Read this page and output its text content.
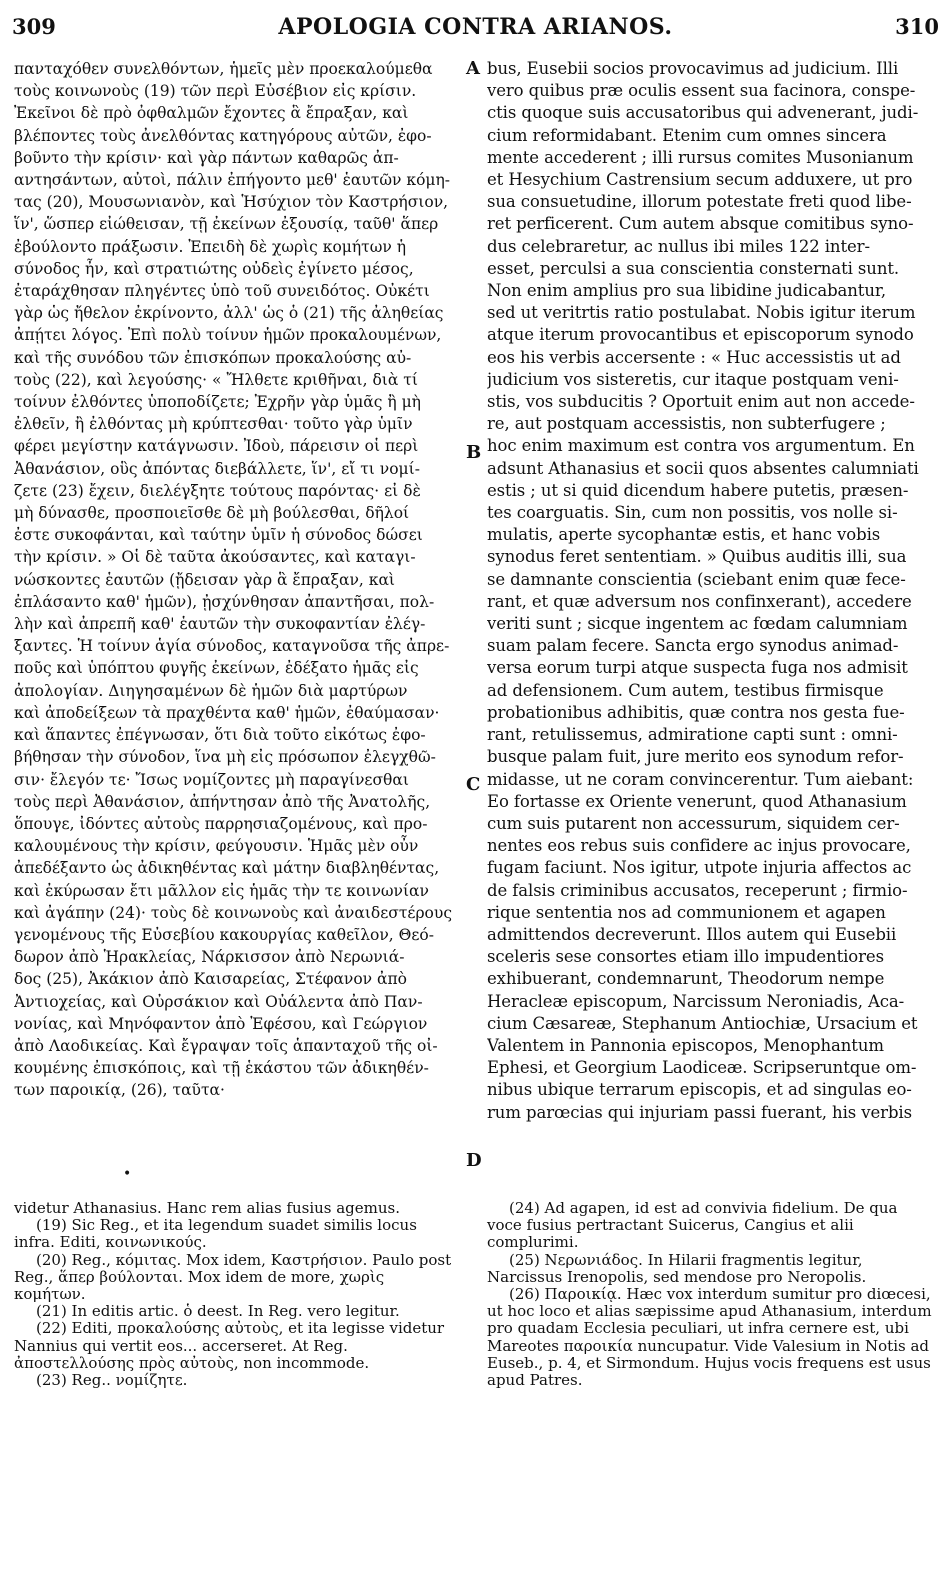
309	APOLOGIA CONTRA ARIANOS.	310
πανταχόθεν συνελθόντων, ἡμεῖς μὲν προεκαλούμεθα
τοὺς κοινωνοὺς (19) τῶν περὶ Εὐσέβιον εἰς κρίσιν.
Ἐκεῖνοι δὲ πρὸ ὀφθαλμῶν ἔχοντες ἃ ἔπραξαν, καὶ
βλέποντες τοὺς ἀνελθόντας κατηγόρους αὐτῶν, ἐφο-
βοῦντο τὴν κρίσιν· καὶ γὰρ πάντων καθαρῶς ἀπ-
αντησάντων, αὐτοὶ, πάλιν ἐπήγοντο μεθ' ἑαυτῶν κόμη-
τας (20), Μουσωνιανὸν, καὶ Ἡσύχιον τὸν Καστρήσιον,
ἵν', ὥσπερ εἰώθεισαν, τῇ ἐκείνων ἐξουσίᾳ, ταῦθ' ἅπερ
ἐβούλοντο πράξωσιν. Ἐπειδὴ δὲ χωρὶς κομήτων ἡ
σύνοδος ἦν, καὶ στρατιώτης οὐδεὶς ἐγίνετο μέσος,
ἐταράχθησαν πληγέντες ὑπὸ τοῦ συνειδότος. Οὐκέτι
γὰρ ὡς ἤθελον ἐκρίνοντο, ἀλλ' ὡς ὁ (21) τῆς ἀληθείας
ἀπῄτει λόγος. Ἐπὶ πολὺ τοίνυν ἡμῶν προκαλουμένων,
καὶ τῆς συνόδου τῶν ἐπισκόπων προκαλούσης αὐ-
τοὺς (22), καὶ λεγούσης· « Ἤλθετε κριθῆναι, διὰ τί
τοίνυν ἐλθόντες ὑποποδίζετε; Ἐχρῆν γὰρ ὑμᾶς ἢ μὴ
ἐλθεῖν, ἢ ἐλθόντας μὴ κρύπτεσθαι· τοῦτο γὰρ ὑμῖν
φέρει μεγίστην κατάγνωσιν. Ἰδοὺ, πάρεισιν οἱ περὶ
Ἀθανάσιον, οὓς ἀπόντας διεβάλλετε, ἵν', εἴ τι νομί-
ζετε (23) ἔχειν, διελέγξητε τούτους παρόντας· εἰ δὲ
μὴ δύνασθε, προσποιεῖσθε δὲ μὴ βούλεσθαι, δῆλοί
ἐστε συκοφάνται, καὶ ταύτην ὑμῖν ἡ σύνοδος δώσει
τὴν κρίσιν. » Οἱ δὲ ταῦτα ἀκούσαντες, καὶ καταγι-
νώσκοντες ἑαυτῶν (ᾔδεισαν γὰρ ἃ ἔπραξαν, καὶ
ἐπλάσαντο καθ' ἡμῶν), ᾐσχύνθησαν ἀπαντῆσαι, πολ-
λὴν καὶ ἀπρεπῆ καθ' ἑαυτῶν τὴν συκοφαντίαν ἐλέγ-
ξαντες. Ἡ τοίνυν ἁγία σύνοδος, καταγνοῦσα τῆς ἀπρε-
ποῦς καὶ ὑπόπτου φυγῆς ἐκείνων, ἐδέξατο ἡμᾶς εἰς
ἀπολογίαν. Διηγησαμένων δὲ ἡμῶν διὰ μαρτύρων
καὶ ἀποδείξεων τὰ πραχθέντα καθ' ἡμῶν, ἐθαύμασαν·
καὶ ἅπαντες ἐπέγνωσαν, ὅτι διὰ τοῦτο εἰκότως ἐφο-
βήθησαν τὴν σύνοδον, ἵνα μὴ εἰς πρόσωπον ἐλεγχθῶ-
σιν· ἔλεγόν τε· Ἴσως νομίζοντες μὴ παραγίνεσθαι
τοὺς περὶ Ἀθανάσιον, ἀπήντησαν ἀπὸ τῆς Ἀνατολῆς,
ὅπουγε, ἰδόντες αὐτοὺς παρρησιαζομένους, καὶ προ-
καλουμένους τὴν κρίσιν, φεύγουσιν. Ἡμᾶς μὲν οὖν
ἀπεδέξαντο ὡς ἀδικηθέντας καὶ μάτην διαβληθέντας,
καὶ ἐκύρωσαν ἔτι μᾶλλον εἰς ἡμᾶς τὴν τε κοινωνίαν
καὶ ἀγάπην (24)· τοὺς δὲ κοινωνοὺς καὶ ἀναιδεστέρους
γενομένους τῆς Εὐσεβίου κακουργίας καθεῖλον, Θεό-
δωρον ἀπὸ Ἡρακλείας, Νάρκισσον ἀπὸ Νερωνιά-
δος (25), Ἀκάκιον ἀπὸ Καισαρείας, Στέφανον ἀπὸ
Ἀντιοχείας, καὶ Οὐρσάκιον καὶ Οὐάλεντα ἀπὸ Παν-
νονίας, καὶ Μηνόφαντον ἀπὸ Ἐφέσου, καὶ Γεώργιον
ἀπὸ Λαοδικείας. Καὶ ἔγραψαν τοῖς ἁπανταχοῦ τῆς οἰ-
κουμένης ἐπισκόποις, καὶ τῇ ἑκάστου τῶν ἀδικηθέν-
των παροικίᾳ, (26), ταῦτα·
bus, Eusebii socios provocavimus ad judicium. Illi
vero quibus præ oculis essent sua facinora, conspe-
ctis quoque suis accusatoribus qui advenerant, judi-
cium reformidabant. Etenim cum omnes sincera
mente accederent ; illi rursus comites Musonianum
et Hesychium Castrensium secum adduxere, ut pro
sua consuetudine, illorum potestate freti quod libe-
ret perficerent. Cum autem absque comitibus syno-
dus celebraretur, ac nullus ibi miles 122 inter-
esset, perculsi a sua conscientia consternati sunt.
Non enim amplius pro sua libidine judicabantur,
sed ut veritrtis ratio postulabat. Nobis igitur iterum
atque iterum provocantibus et episcoporum synodo
eos his verbis accersente : « Huc accessistis ut ad
judicium vos sisteretis, cur itaque postquam veni-
stis, vos subducitis ? Oportuit enim aut non accede-
re, aut postquam accessistis, non subterfugere ;
hoc enim maximum est contra vos argumentum. En
adsunt Athanasius et socii quos absentes calumniati
estis ; ut si quid dicendum habere putetis, præsen-
tes coarguatis. Sin, cum non possitis, vos nolle si-
mulatis, aperte sycophantæ estis, et hanc vobis
synodus feret sententiam. » Quibus auditis illi, sua
se damnante conscientia (sciebant enim quæ fece-
rant, et quæ adversum nos confinxerant), accedere
veriti sunt ; sicque ingentem ac fœdam calumniam
suam palam fecere. Sancta ergo synodus animad-
versa eorum turpi atque suspecta fuga nos admisit
ad defensionem. Cum autem, testibus firmisque
probationibus adhibitis, quæ contra nos gesta fue-
rant, retulissemus, admiratione capti sunt : omni-
busque palam fuit, jure merito eos synodum refor-
midasse, ut ne coram convincerentur. Tum aiebant:
Eo fortasse ex Oriente venerunt, quod Athanasium
cum suis putarent non accessurum, siquidem cer-
nentes eos rebus suis confidere ac injus provocare,
fugam faciunt. Nos igitur, utpote injuria affectos ac
de falsis criminibus accusatos, receperunt ; firmio-
rique sententia nos ad communionem et agapen
admittendos decreverunt. Illos autem qui Eusebii
sceleris sese consortes etiam illo impudentiores
exhibuerant, condemnarunt, Theodorum nempe
Heracleæ episcopum, Narcissum Neroniadis, Aca-
cium Cæsareæ, Stephanum Antiochiæ, Ursacium et
Valentem in Pannonia episcopos, Menophantum
Ephesi, et Georgium Laodiceæ. Scripseruntque om-
nibus ubique terrarum episcopis, et ad singulas eo-
rum parœcias qui injuriam passi fuerant, his verbis
A
B
C
D
•

videtur Athanasius. Hanc rem alias fusius agemus.

(19) Sic Reg., et ita legendum suadet similis locus infra. Editi, κοινωνικούς.

(20) Reg., κόμιτας. Mox idem, Καστρήσιον. Paulo post Reg., ἅπερ βούλονται. Mox idem de more, χωρὶς κομήτων.

(21) In editis artic. ὁ deest. In Reg. vero legitur.

(22) Editi, προκαλούσης αὐτοὺς, et ita legisse videtur Nannius qui vertit eos... accerseret. At Reg. ἀποστελλούσης πρὸς αὐτοὺς, non incommode.

(23) Reg.. νομίζητε.

(24) Ad agapen, id est ad convivia fidelium. De qua voce fusius pertractant Suicerus, Cangius et alii complurimi.

(25) Νερωνιάδος. In Hilarii fragmentis legitur, Narcissus Irenopolis, sed mendose pro Neropolis.

(26) Παροικίᾳ. Hæc vox interdum sumitur pro diœcesi, ut hoc loco et alias sæpissime apud Athanasium, interdum pro quadam Ecclesia peculiari, ut infra cernere est, ubi Mareotes παροικία nuncupatur. Vide Valesium in Notis ad Euseb., p. 4, et Sirmondum. Hujus vocis frequens est usus apud Patres.
